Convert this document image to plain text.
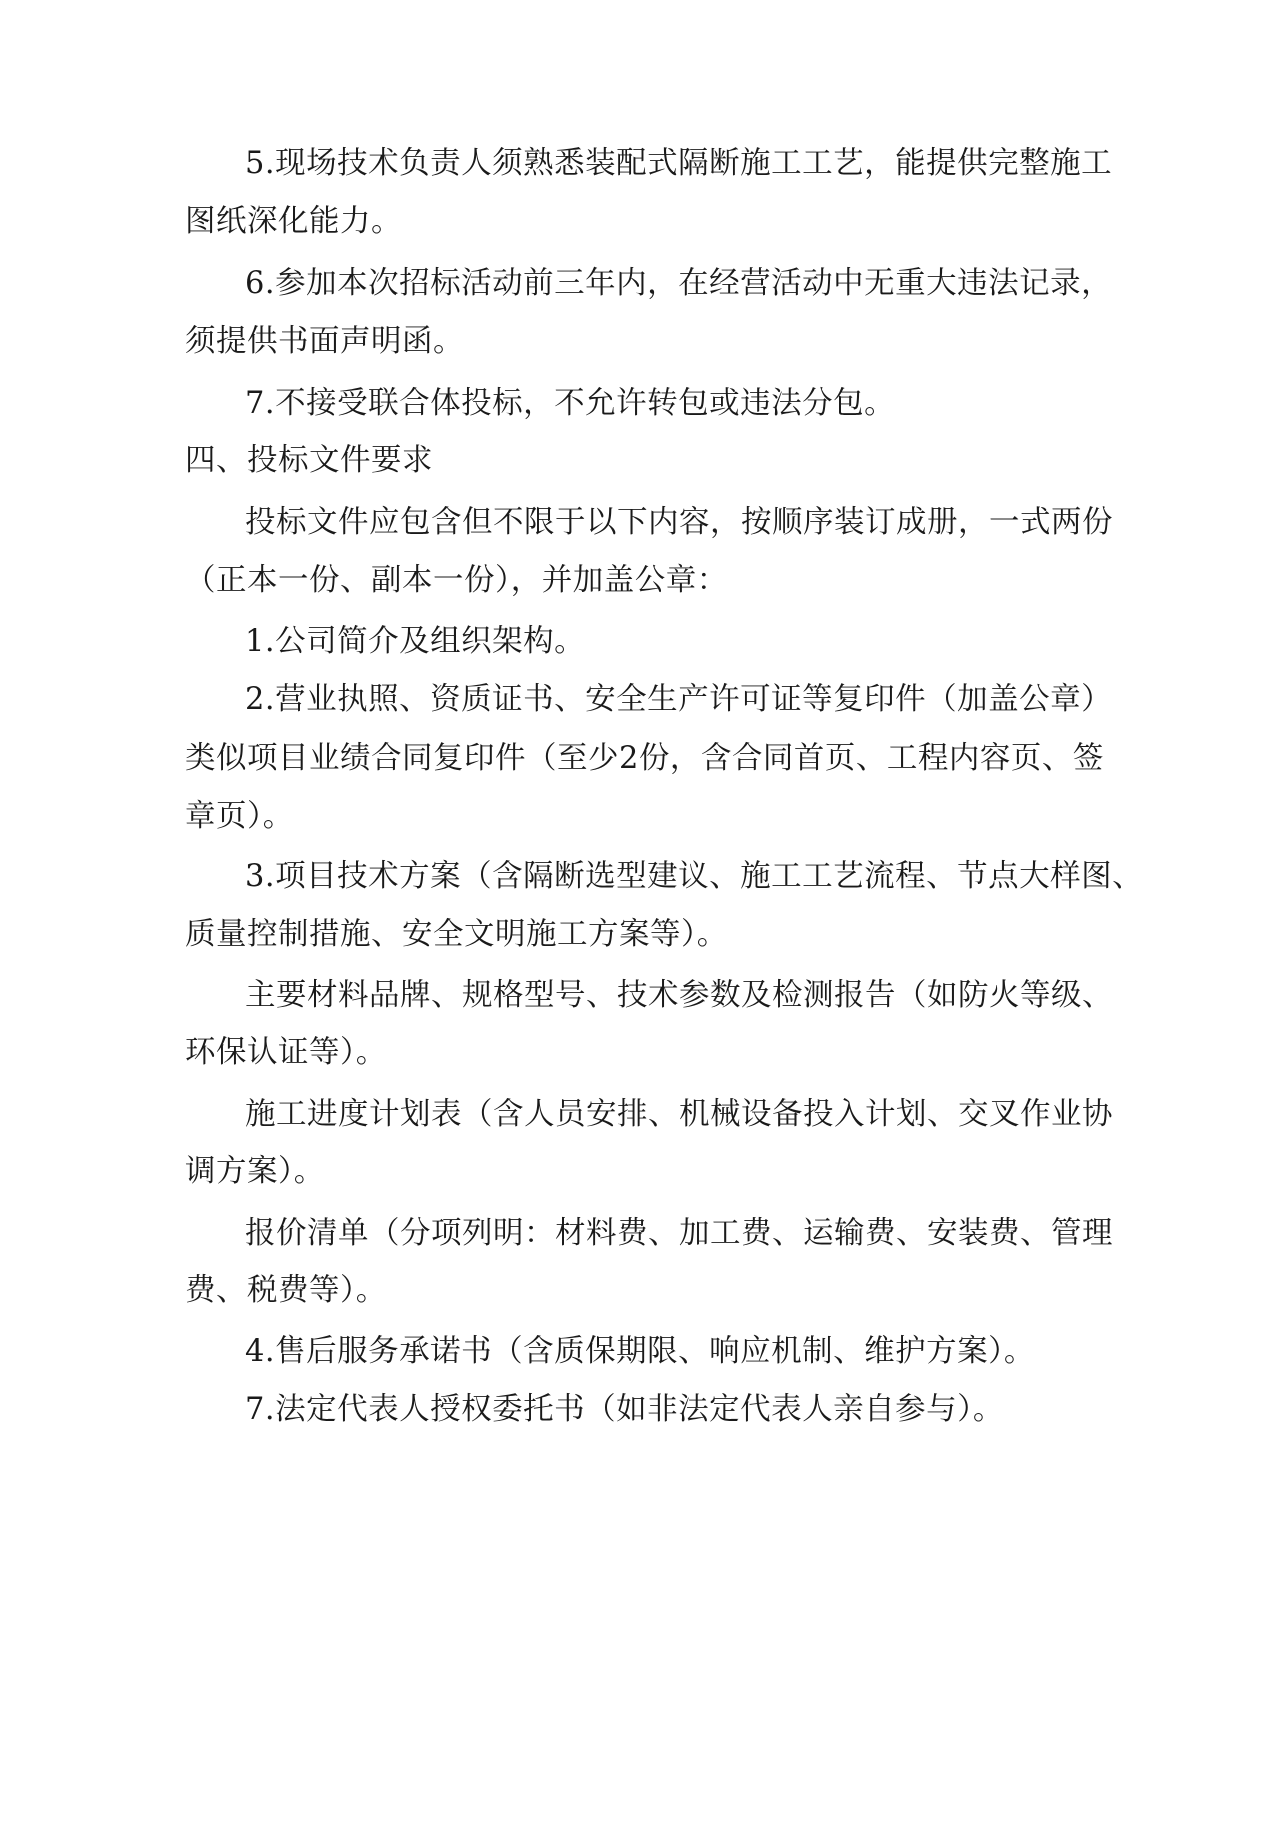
5.现场技术负责人须熟悉装配式隔断施工工艺，能提供完整施工
图纸深化能力。
6.参加本次招标活动前三年内，在经营活动中无重大违法记录，
须提供书面声明函。
7.不接受联合体投标，不允许转包或违法分包。
四、投标文件要求
投标文件应包含但不限于以下内容，按顺序装订成册，一式两份
（正本一份、副本一份），并加盖公章：
1.公司简介及组织架构。
2.营业执照、资质证书、安全生产许可证等复印件（加盖公章）
类似项目业绩合同复印件（至少2份，含合同首页、工程内容页、签
章页）。
3.项目技术方案（含隔断选型建议、施工工艺流程、节点大样图、
质量控制措施、安全文明施工方案等）。
主要材料品牌、规格型号、技术参数及检测报告（如防火等级、
环保认证等）。
施工进度计划表（含人员安排、机械设备投入计划、交叉作业协
调方案）。
报价清单（分项列明：材料费、加工费、运输费、安装费、管理
费、税费等）。
4.售后服务承诺书（含质保期限、响应机制、维护方案）。
7.法定代表人授权委托书（如非法定代表人亲自参与）。
